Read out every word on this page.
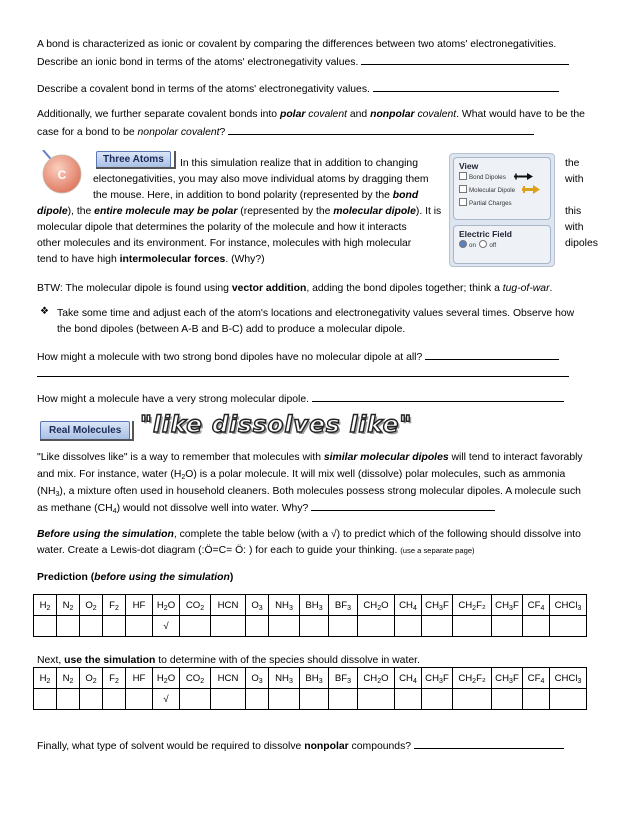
A bond is characterized as ionic or covalent by comparing the differences between two atoms' electronegativities.
Describe an ionic bond in terms of the atoms' electronegativity values.
Describe a covalent bond in terms of the atoms' electronegativity values.
Additionally, we further separate covalent bonds into polar covalent and nonpolar covalent. What would have to be the
case for a bond to be nonpolar covalent?
C
Three Atoms	In this simulation realize that in addition to changing
electonegativities, you may also move individual atoms by dragging them
the mouse. Here, in addition to bond polarity (represented by the bond
dipole), the entire molecule may be polar (represented by the molecular dipole). It is
molecular dipole that determines the polarity of the molecule and how it interacts
other molecules and its environment. For instance, molecules with high molecular
tend to have high intermolecular forces. (Why?)
the
with
this
with
dipoles
View
Bond Dipoles
Molecular Dipole
Partial Charges
Electric Field
on off
BTW: The molecular dipole is found using vector addition, adding the bond dipoles together; think a tug-of-war.
❖ Take some time and adjust each of the atom's locations and electronegativity values several times. Observe how
the bond dipoles (between A-B and B-C) add to produce a molecular dipole.
How might a molecule with two strong bond dipoles have no molecular dipole at all?
How might a molecule have a very strong molecular dipole.
Real Molecules "like dissolves like"
"Like dissolves like" is a way to remember that molecules with similar molecular dipoles will tend to interact favorably
and mix. For instance, water $(H_2O)$ is a polar molecule. It will mix well (dissolve) polar molecules, such as ammonia
$(NH_3)$, a mixture often used in household cleaners. Both molecules possess strong molecular dipoles. A molecule such
as methane $(CH_4)$ would not dissolve well into water. Why?
Before using the simulation, complete the table below (with a √) to predict which of the following should dissolve into
water. Create a Lewis-dot diagram (:Ö=C= Ö: ) for each to guide your thinking. (use a separate page)
Prediction (before using the simulation)
$H_2$	$N_2$	$O_2$	$F_2$	HF	$H_2O$	$CO_2$	HCN	$O_3$	$NH_3$	$BH_3$	$BF_3$	$CH_2O$	$CH_4$	$CH_3F$	$CH_2F_2$	$CH_3F$	$CF_4$	CHCl$_3$
					√													
Next, use the simulation to determine with of the species should dissolve in water.
$H_2$	$N_2$	$O_2$	$F_2$	HF	$H_2O$	$CO_2$	HCN	$O_3$	$NH_3$	$BH_3$	$BF_3$	$CH_2O$	$CH_4$	$CH_3F$	$CH_2F_2$	$CH_3F$	$CF_4$	CHCl$_3$
					√													
Finally, what type of solvent would be required to dissolve nonpolar compounds?
